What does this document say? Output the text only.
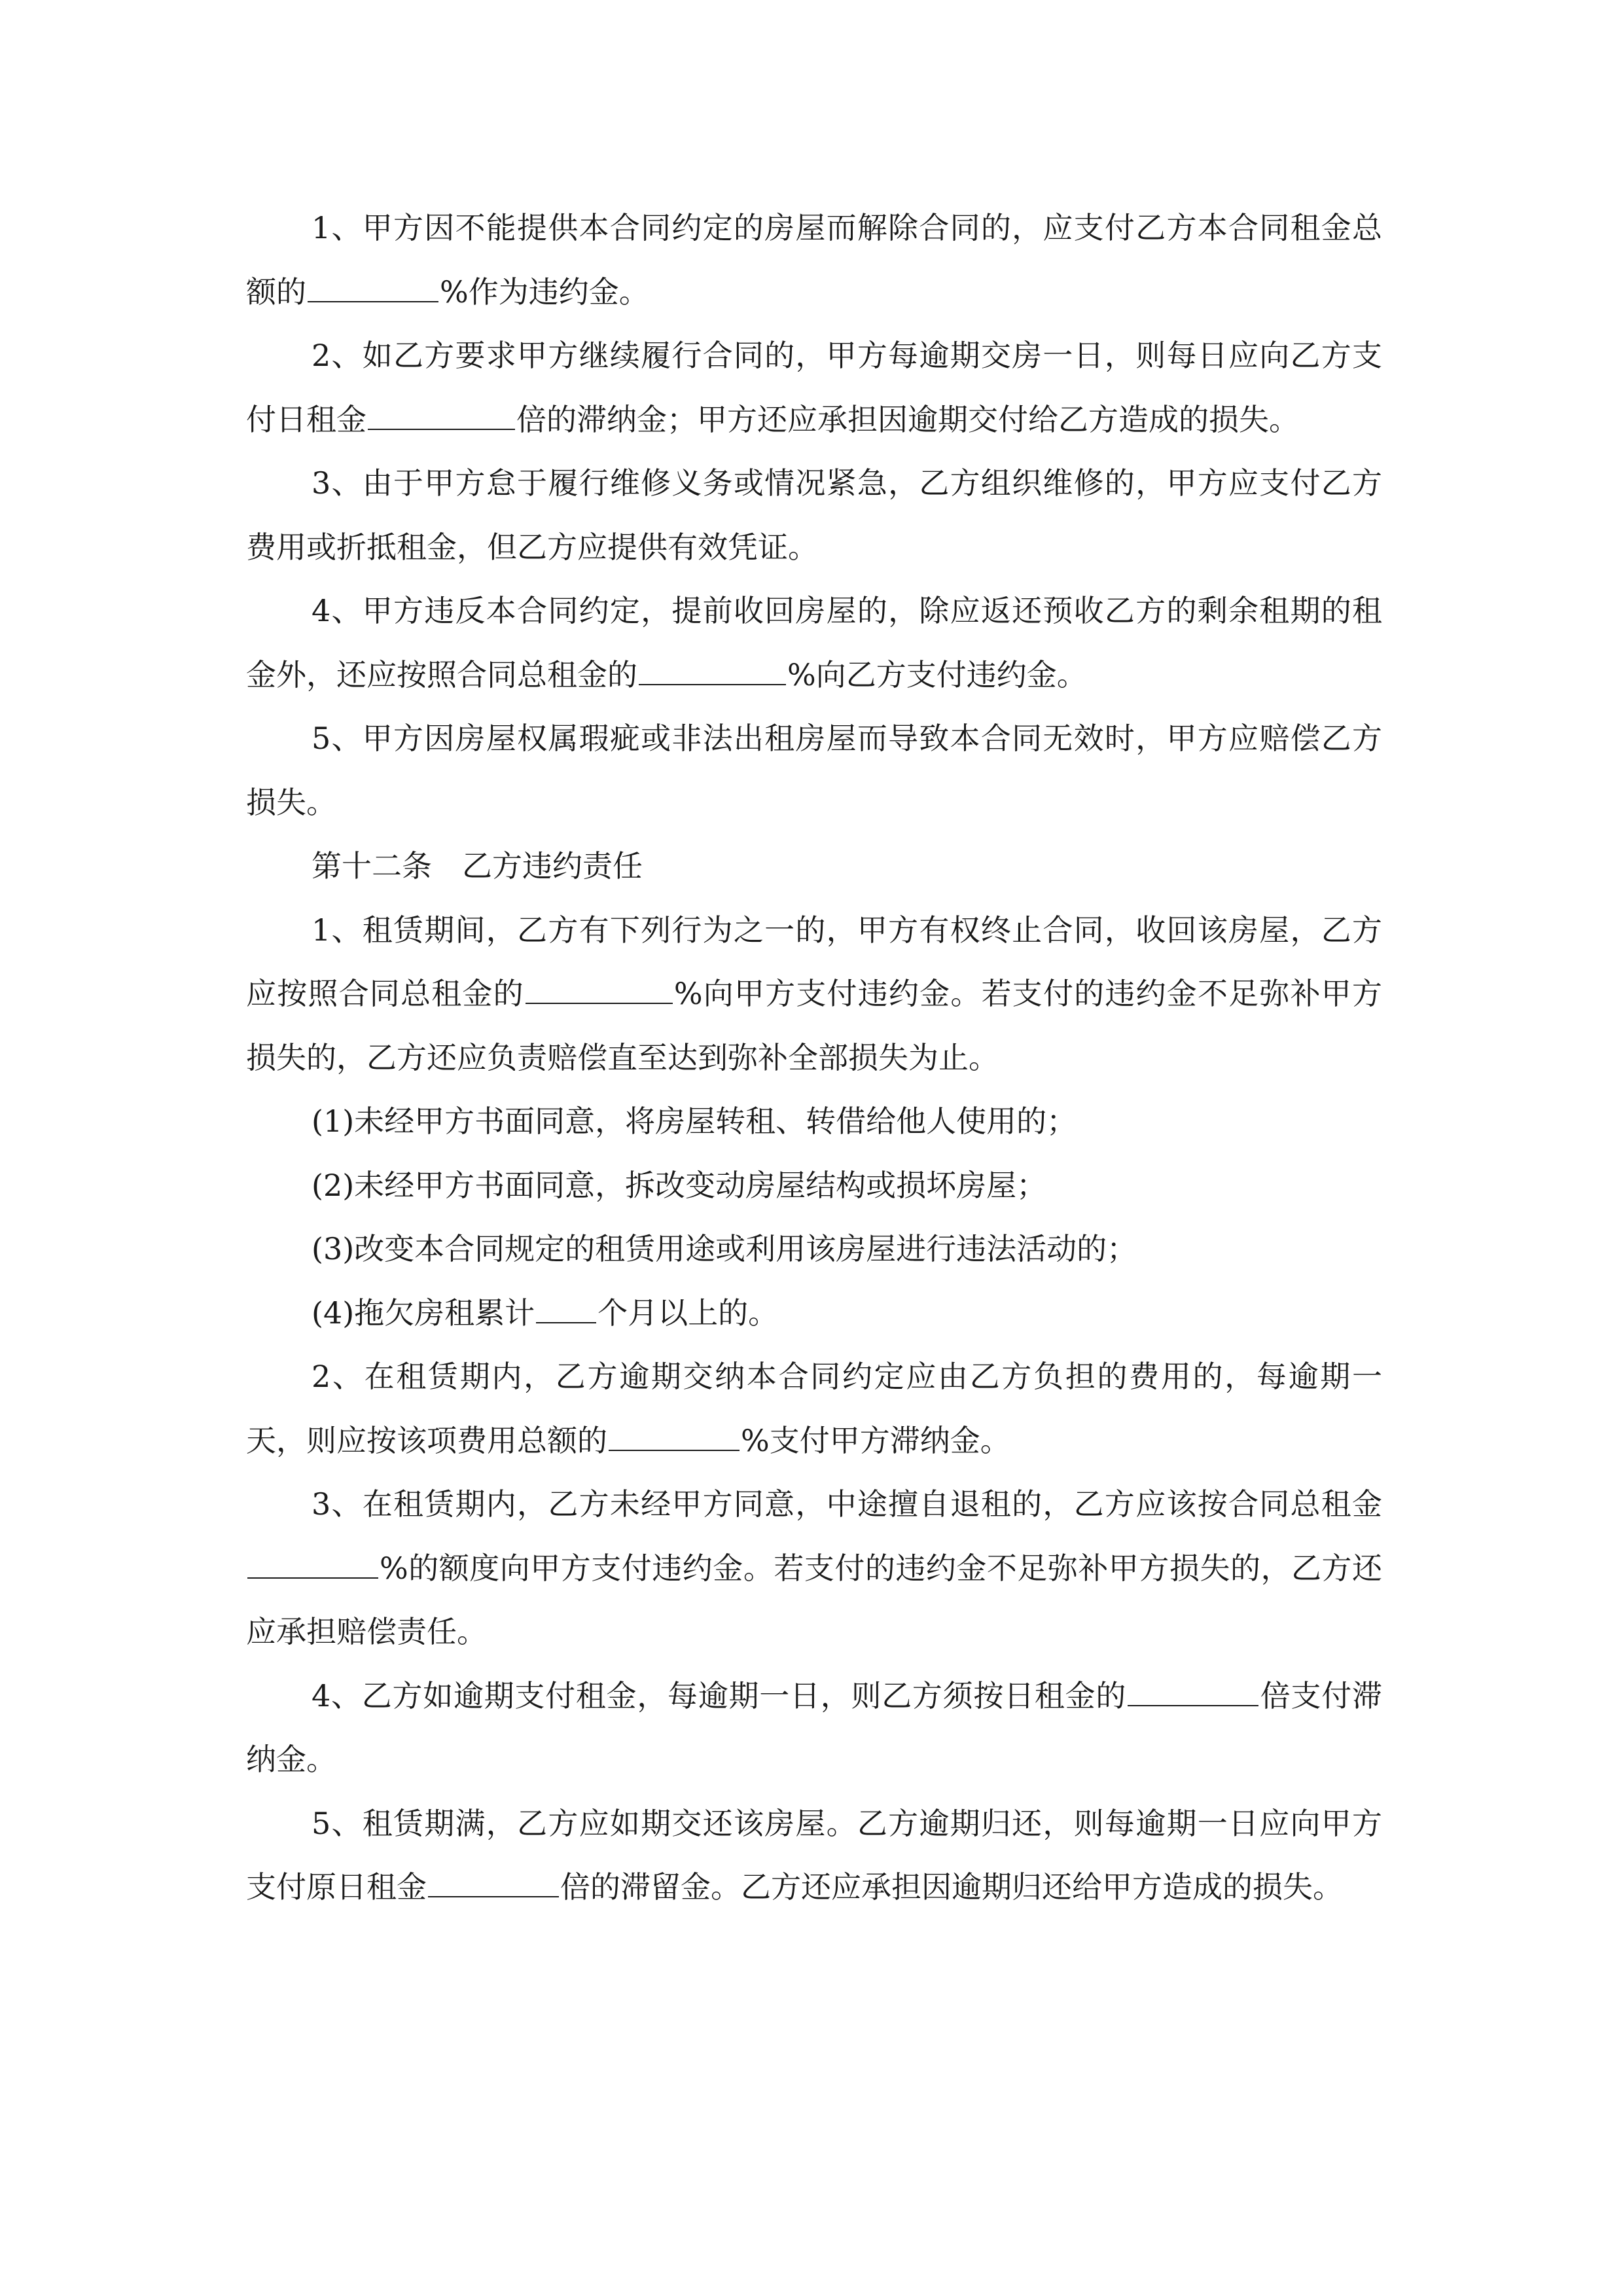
1、甲方因不能提供本合同约定的房屋而解除合同的，应支付乙方本合同租金总额的	%作为违约金。

2、如乙方要求甲方继续履行合同的，甲方每逾期交房一日，则每日应向乙方支付日租金	倍的滞纳金；甲方还应承担因逾期交付给乙方造成的损失。

3、由于甲方怠于履行维修义务或情况紧急，乙方组织维修的，甲方应支付乙方费用或折抵租金，但乙方应提供有效凭证。

4、甲方违反本合同约定，提前收回房屋的，除应返还预收乙方的剩余租期的租金外，还应按照合同总租金的	%向乙方支付违约金。

5、甲方因房屋权属瑕疵或非法出租房屋而导致本合同无效时，甲方应赔偿乙方损失。

第十二条　乙方违约责任

1、租赁期间，乙方有下列行为之一的，甲方有权终止合同，收回该房屋，乙方应按照合同总租金的	%向甲方支付违约金。若支付的违约金不足弥补甲方损失的，乙方还应负责赔偿直至达到弥补全部损失为止。

(1)未经甲方书面同意，将房屋转租、转借给他人使用的；

(2)未经甲方书面同意，拆改变动房屋结构或损坏房屋；

(3)改变本合同规定的租赁用途或利用该房屋进行违法活动的；

(4)拖欠房租累计 个月以上的。

2、在租赁期内，乙方逾期交纳本合同约定应由乙方负担的费用的，每逾期一天，则应按该项费用总额的	%支付甲方滞纳金。

3、在租赁期内，乙方未经甲方同意，中途擅自退租的，乙方应该按合同总租金%的额度向甲方支付违约金。若支付的违约金不足弥补甲方损失的，乙方还应承担赔偿责任。

4、乙方如逾期支付租金，每逾期一日，则乙方须按日租金的	倍支付滞纳金。

5、租赁期满，乙方应如期交还该房屋。乙方逾期归还，则每逾期一日应向甲方支付原日租金	倍的滞留金。乙方还应承担因逾期归还给甲方造成的损失。
